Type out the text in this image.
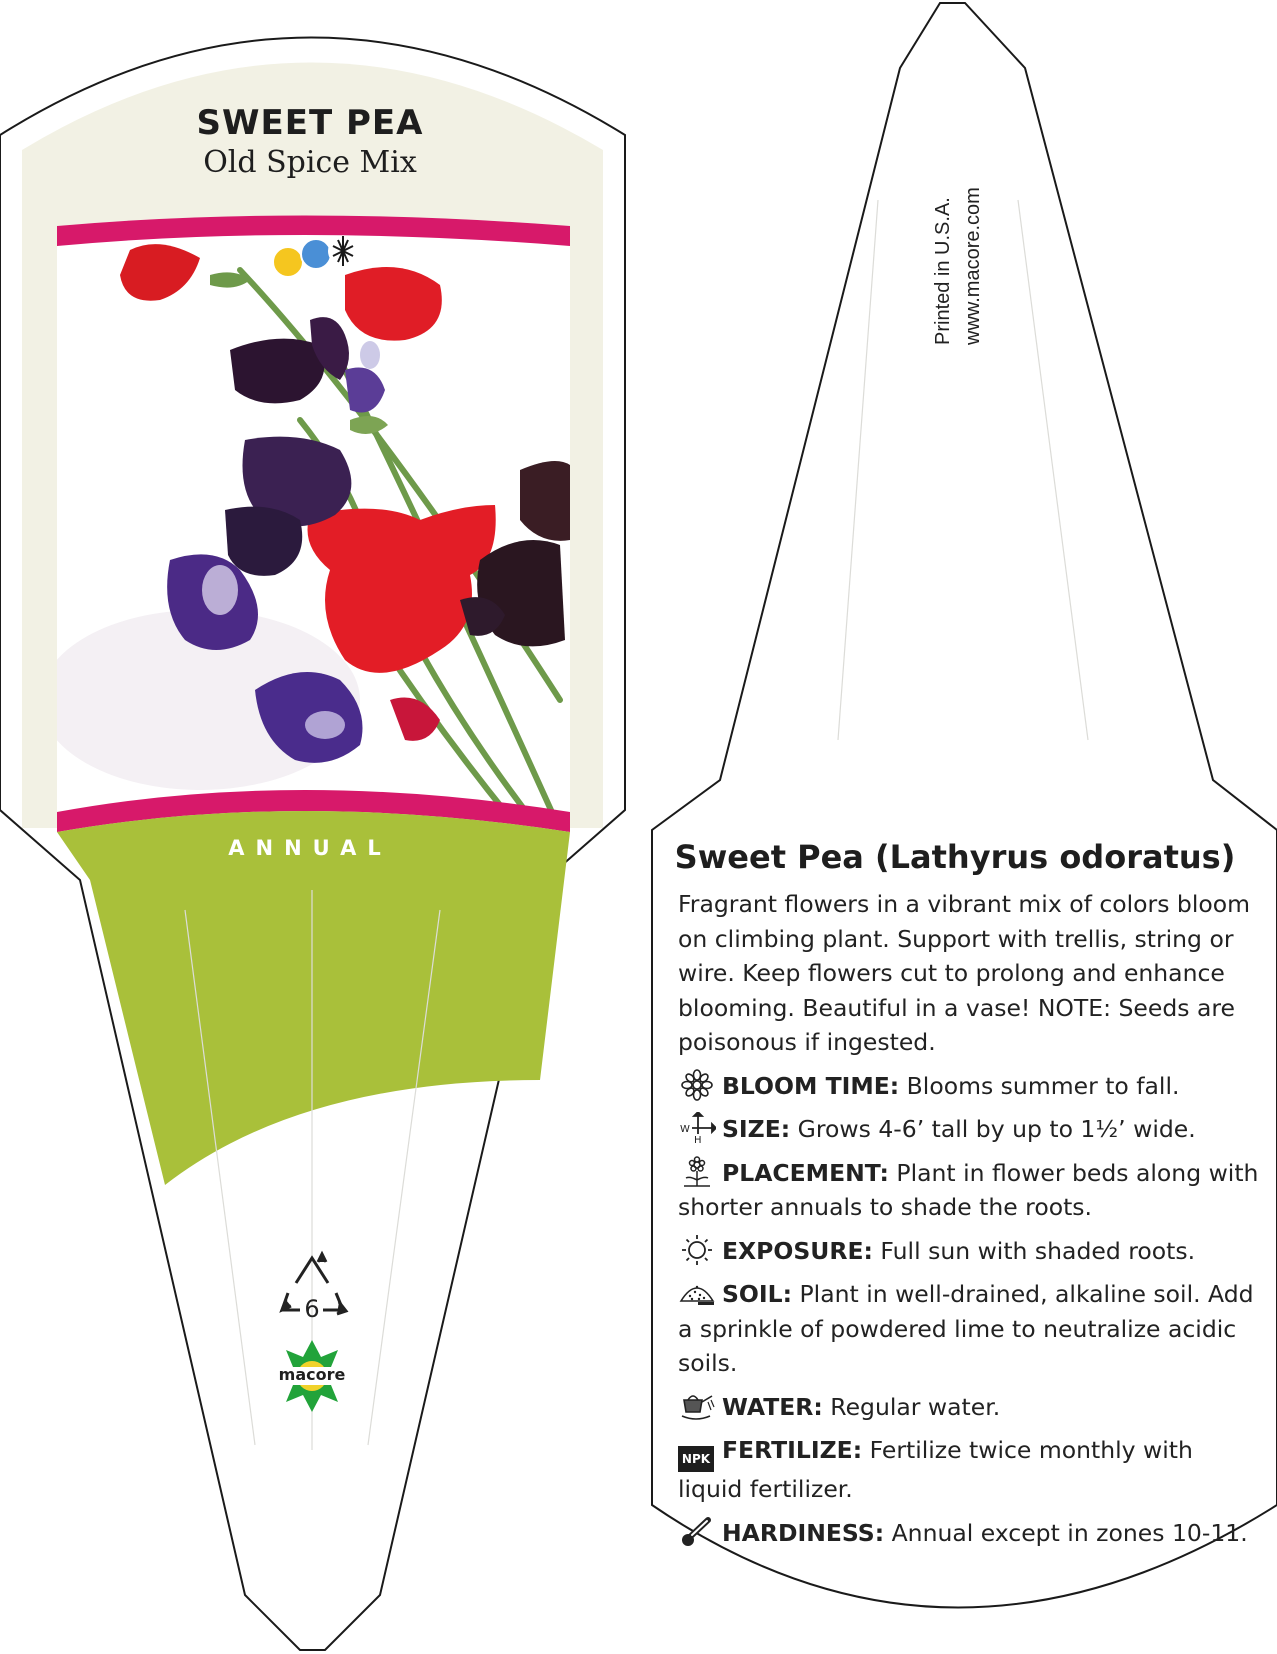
SWEET PEA
Old Spice Mix
ANNUAL
6
macore
Printed in U.S.A. www.macore.com
Sweet Pea (Lathyrus odoratus)
Fragrant flowers in a vibrant mix of colors bloom on climbing plant. Support with trellis, string or wire. Keep flowers cut to prolong and enhance blooming. Beautiful in a vase! NOTE: Seeds are poisonous if ingested.
BLOOM TIME: Blooms summer to fall.
W
H SIZE: Grows 4-6’ tall by up to 1½’ wide.
PLACEMENT: Plant in flower beds along with shorter annuals to shade the roots.
EXPOSURE: Full sun with shaded roots.
SOIL: Plant in well-drained, alkaline soil. Add a sprinkle of powdered lime to neutralize acidic soils.
WATER: Regular water.
NPK FERTILIZE: Fertilize twice monthly with liquid fertilizer.
HARDINESS: Annual except in zones 10-11.
